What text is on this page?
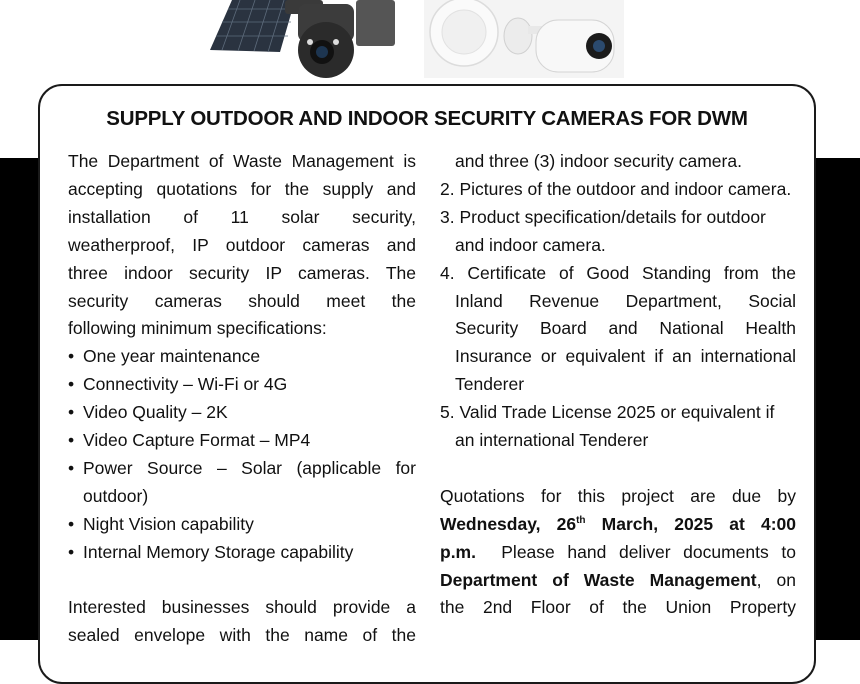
SUPPLY OUTDOOR AND INDOOR SECURITY CAMERAS FOR DWM

The Department of Waste Management is

accepting quotations for the supply and

installation of 11 solar security,

weatherproof, IP outdoor cameras and

three indoor security IP cameras. The

security cameras should meet the

following minimum specifications:

• One year maintenance
• Connectivity – Wi-Fi or 4G
• Video Quality – 2K
• Video Capture Format – MP4
• Power Source – Solar (applicable for outdoor)
• Night Vision capability
• Internal Memory Storage capability

Interested businesses should provide a

sealed envelope with the name of the

and three (3) indoor security camera.

2. Pictures of the outdoor and indoor camera.
3. Product specification/details for outdoor and indoor camera.
4. Certificate of Good Standing from the Inland Revenue Department, Social Security Board and National Health Insurance or equivalent if an international Tenderer
5. Valid Trade License 2025 or equivalent if an international Tenderer

Quotations for this project are due by

Wednesday, 26th March, 2025 at 4:00

p.m.  Please hand deliver documents to

Department of Waste Management, on

the 2nd Floor of the Union Property
